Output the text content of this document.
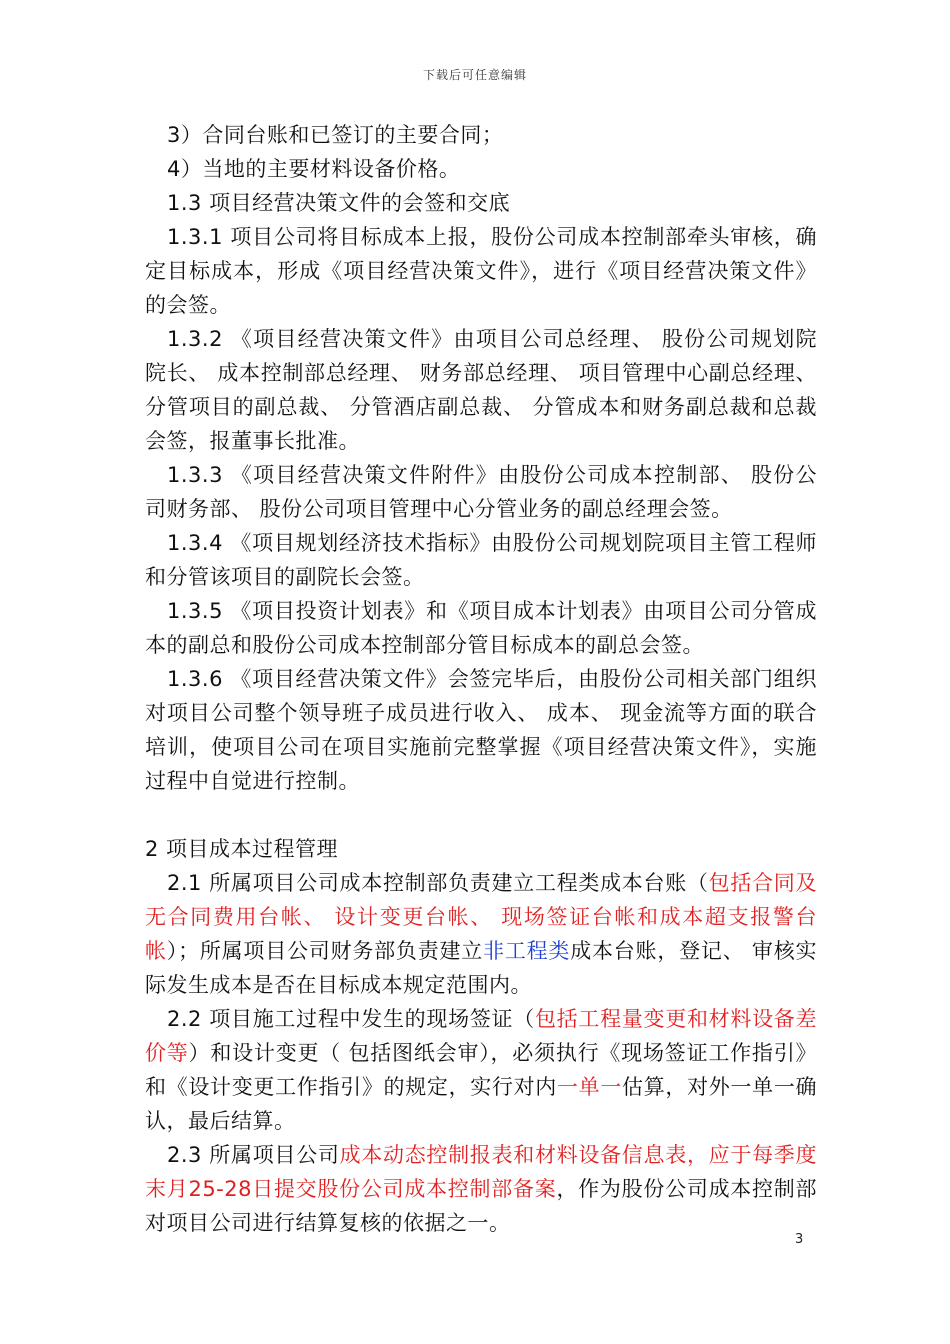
下载后可任意编辑

3）合同台账和已签订的主要合同；

4）当地的主要材料设备价格。

1.3 项目经营决策文件的会签和交底

1.3.1 项目公司将目标成本上报，股份公司成本控制部牵头审核，确定目标成本，形成《项目经营决策文件》，进行《项目经营决策文件》的会签。

1.3.2 《项目经营决策文件》由项目公司总经理、 股份公司规划院院长、 成本控制部总经理、 财务部总经理、 项目管理中心副总经理、 分管项目的副总裁、 分管酒店副总裁、 分管成本和财务副总裁和总裁会签，报董事长批准。

1.3.3 《项目经营决策文件附件》由股份公司成本控制部、 股份公司财务部、 股份公司项目管理中心分管业务的副总经理会签。

1.3.4 《项目规划经济技术指标》由股份公司规划院项目主管工程师和分管该项目的副院长会签。

1.3.5 《项目投资计划表》和《项目成本计划表》由项目公司分管成本的副总和股份公司成本控制部分管目标成本的副总会签。

1.3.6 《项目经营决策文件》会签完毕后，由股份公司相关部门组织对项目公司整个领导班子成员进行收入、 成本、 现金流等方面的联合培训，使项目公司在项目实施前完整掌握《项目经营决策文件》，实施过程中自觉进行控制。

2 项目成本过程管理

2.1 所属项目公司成本控制部负责建立工程类成本台账（包括合同及无合同费用台帐、 设计变更台帐、 现场签证台帐和成本超支报警台帐）；所属项目公司财务部负责建立非工程类成本台账，登记、 审核实际发生成本是否在目标成本规定范围内。

2.2 项目施工过程中发生的现场签证（包括工程量变更和材料设备差价等）和设计变更（ 包括图纸会审），必须执行《现场签证工作指引》和《设计变更工作指引》的规定，实行对内一单一估算，对外一单一确认，最后结算。

2.3 所属项目公司成本动态控制报表和材料设备信息表，应于每季度末月25-28日提交股份公司成本控制部备案，作为股份公司成本控制部对项目公司进行结算复核的依据之一。

3
